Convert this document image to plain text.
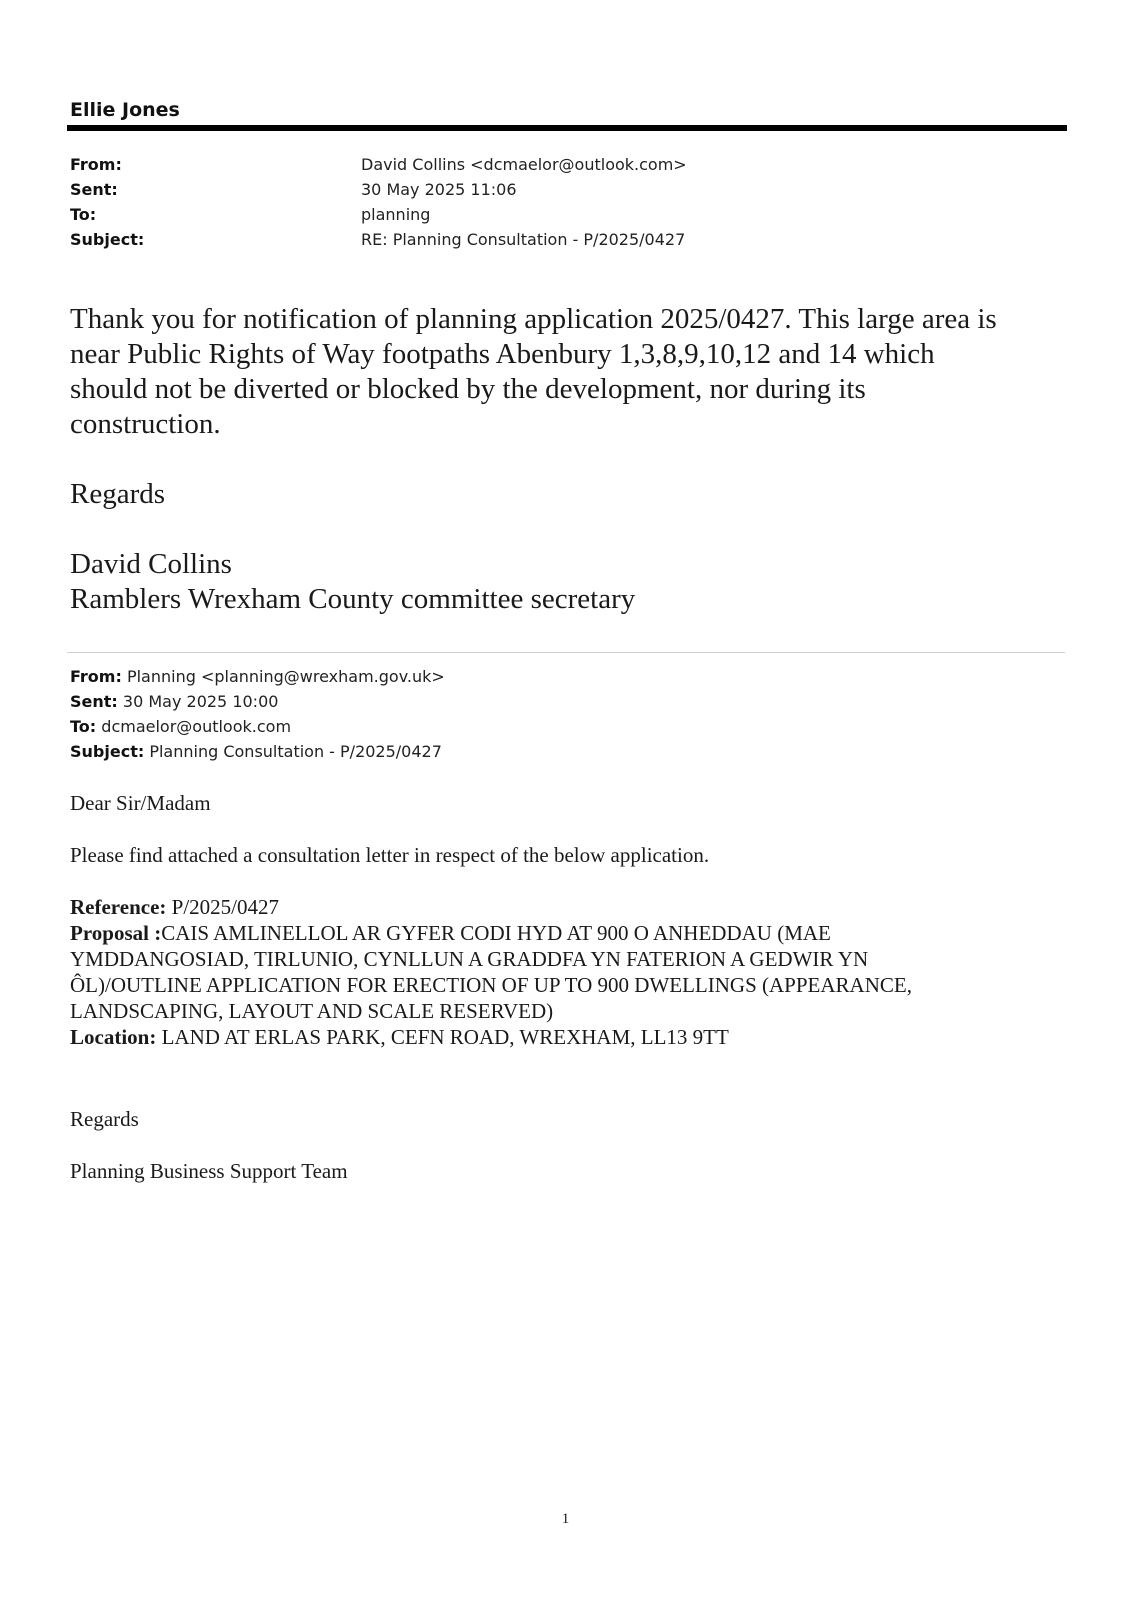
Ellie Jones
From:	David Collins <dcmaelor@outlook.com>
Sent:	30 May 2025 11:06
To:	planning
Subject:	RE: Planning Consultation - P/2025/0427
Thank you for notification of planning application 2025/0427. This large area is
near Public Rights of Way footpaths Abenbury 1,3,8,9,10,12 and 14 which
should not be diverted or blocked by the development, nor during its
construction.
Regards
David Collins
Ramblers Wrexham County committee secretary
From: Planning <planning@wrexham.gov.uk>
Sent: 30 May 2025 10:00
To: dcmaelor@outlook.com
Subject: Planning Consultation - P/2025/0427
Dear Sir/Madam
Please find attached a consultation letter in respect of the below application.
Reference: P/2025/0427
Proposal :CAIS AMLINELLOL AR GYFER CODI HYD AT 900 O ANHEDDAU (MAE
YMDDANGOSIAD, TIRLUNIO, CYNLLUN A GRADDFA YN FATERION A GEDWIR YN
ÔL)/OUTLINE APPLICATION FOR ERECTION OF UP TO 900 DWELLINGS (APPEARANCE,
LANDSCAPING, LAYOUT AND SCALE RESERVED)
Location: LAND AT ERLAS PARK, CEFN ROAD, WREXHAM, LL13 9TT
Regards
Planning Business Support Team
1
